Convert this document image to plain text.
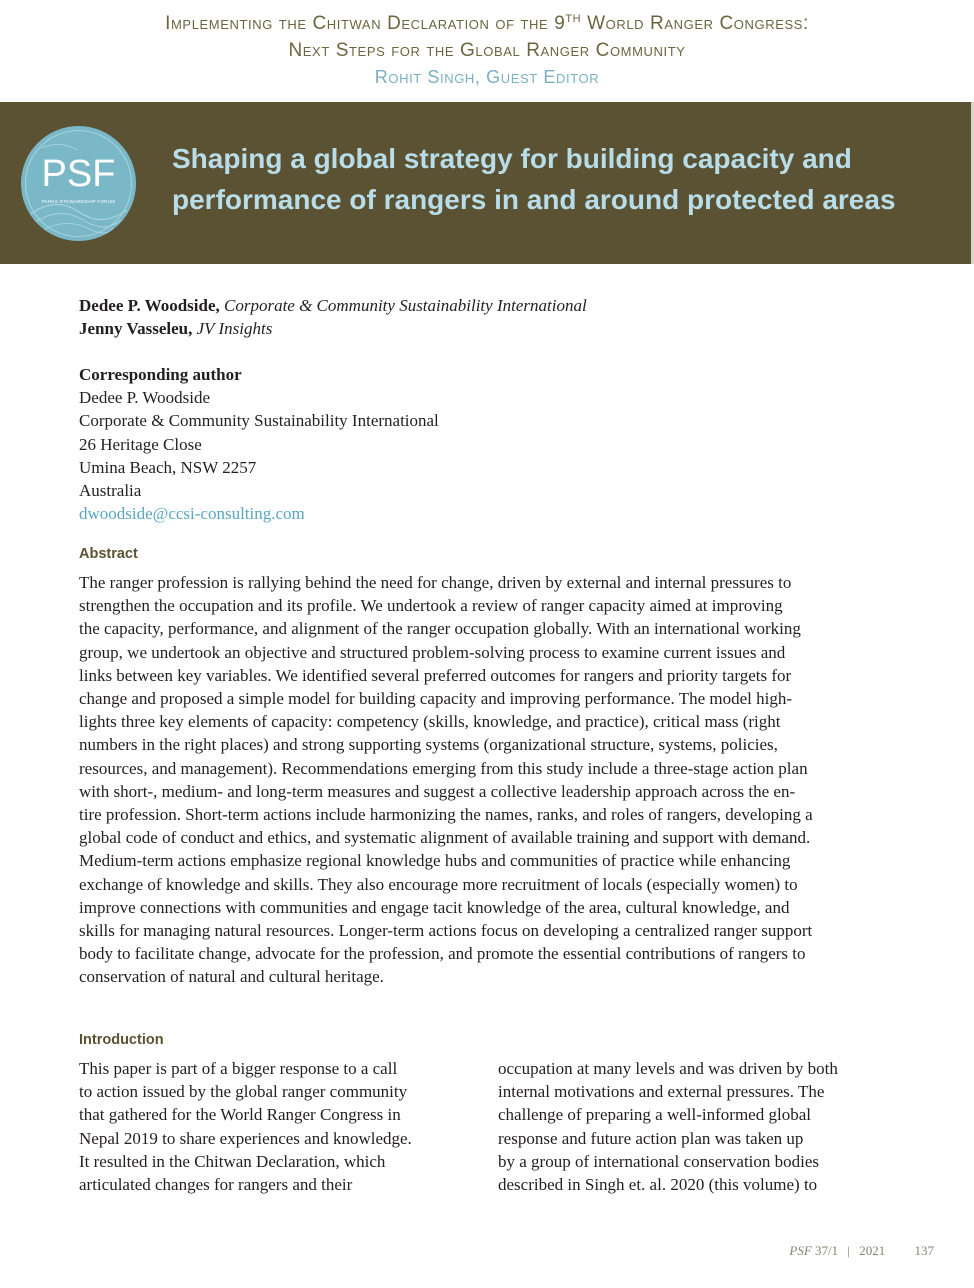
Implementing the Chitwan Declaration of the 9TH World Ranger Congress:
Next Steps for the Global Ranger Community
Rohit Singh, Guest Editor
PSF
PARKS STEWARDSHIP FORUM
Shaping a global strategy for building capacity and
performance of rangers in and around protected areas
Dedee P. Woodside, Corporate & Community Sustainability International
Jenny Vasseleu, JV Insights
Corresponding author
Dedee P. Woodside
Corporate & Community Sustainability International
26 Heritage Close
Umina Beach, NSW 2257
Australia
dwoodside@ccsi-consulting.com
Abstract
The ranger profession is rallying behind the need for change, driven by external and internal pressures to
strengthen the occupation and its profile. We undertook a review of ranger capacity aimed at improving
the capacity, performance, and alignment of the ranger occupation globally. With an international working
group, we undertook an objective and structured problem-solving process to examine current issues and
links between key variables. We identified several preferred outcomes for rangers and priority targets for
change and proposed a simple model for building capacity and improving performance. The model high-
lights three key elements of capacity: competency (skills, knowledge, and practice), critical mass (right
numbers in the right places) and strong supporting systems (organizational structure, systems, policies,
resources, and management). Recommendations emerging from this study include a three-stage action plan
with short-, medium- and long-term measures and suggest a collective leadership approach across the en-
tire profession. Short-term actions include harmonizing the names, ranks, and roles of rangers, developing a
global code of conduct and ethics, and systematic alignment of available training and support with demand.
Medium-term actions emphasize regional knowledge hubs and communities of practice while enhancing
exchange of knowledge and skills. They also encourage more recruitment of locals (especially women) to
improve connections with communities and engage tacit knowledge of the area, cultural knowledge, and
skills for managing natural resources. Longer-term actions focus on developing a centralized ranger support
body to facilitate change, advocate for the profession, and promote the essential contributions of rangers to
conservation of natural and cultural heritage.
Introduction
This paper is part of a bigger response to a call
to action issued by the global ranger community
that gathered for the World Ranger Congress in
Nepal 2019 to share experiences and knowledge.
It resulted in the Chitwan Declaration, which
articulated changes for rangers and their
occupation at many levels and was driven by both
internal motivations and external pressures. The
challenge of preparing a well-informed global
response and future action plan was taken up
by a group of international conservation bodies
described in Singh et. al. 2020 (this volume) to
PSF 37/1 | 2021 137
